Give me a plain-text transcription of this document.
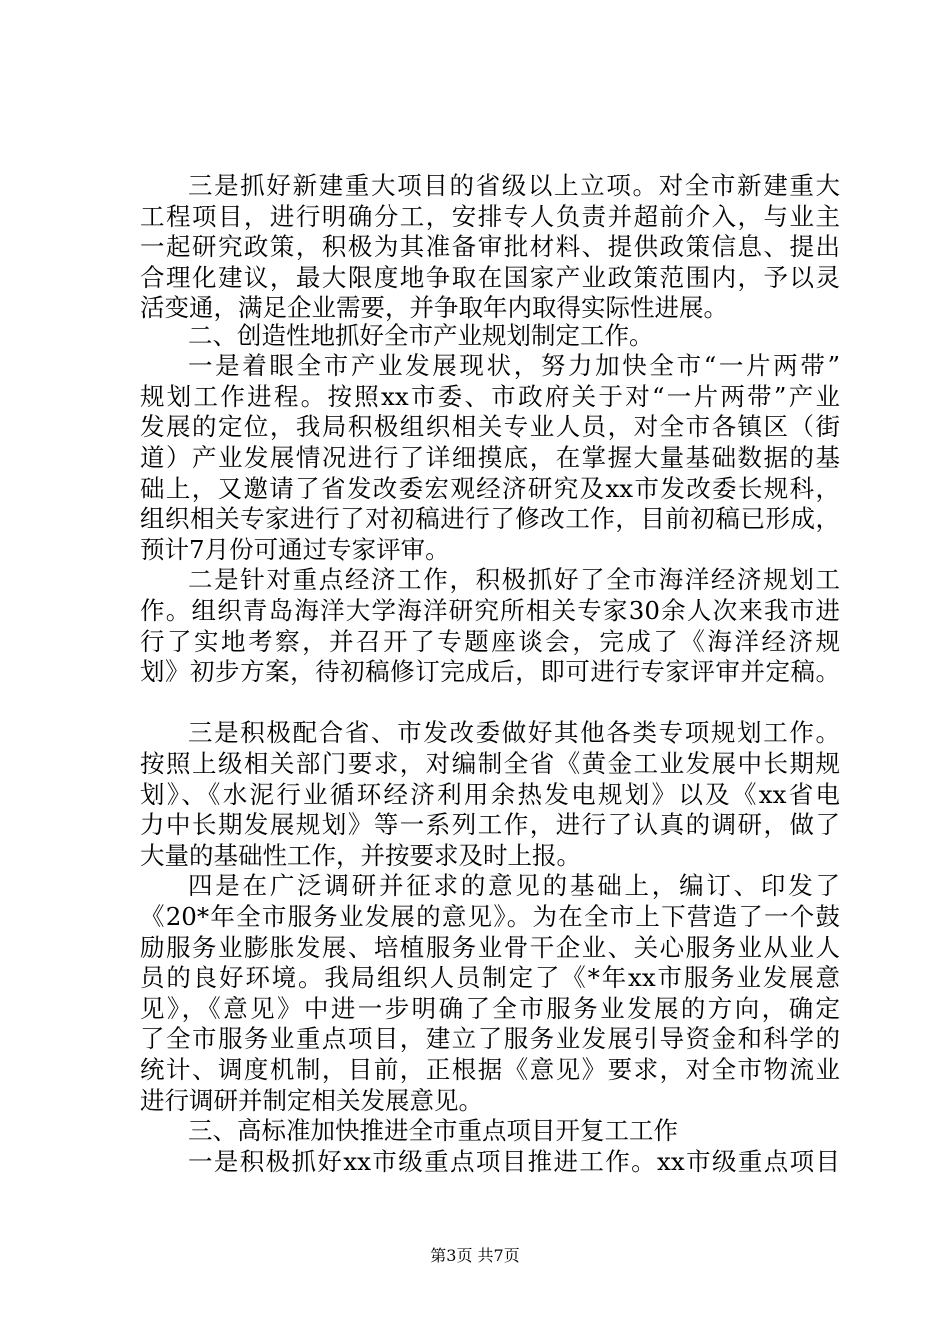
三是抓好新建重大项目的省级以上立项。对全市新建重大
工程项目，进行明确分工，安排专人负责并超前介入，与业主
一起研究政策，积极为其准备审批材料、提供政策信息、提出
合理化建议，最大限度地争取在国家产业政策范围内，予以灵
活变通，满足企业需要，并争取年内取得实际性进展。
二、创造性地抓好全市产业规划制定工作。
一是着眼全市产业发展现状，努力加快全市“一片两带”
规划工作进程。按照xx市委、市政府关于对“一片两带”产业
发展的定位，我局积极组织相关专业人员，对全市各镇区（街
道）产业发展情况进行了详细摸底，在掌握大量基础数据的基
础上，又邀请了省发改委宏观经济研究及xx市发改委长规科，
组织相关专家进行了对初稿进行了修改工作，目前初稿已形成，
预计7月份可通过专家评审。
二是针对重点经济工作，积极抓好了全市海洋经济规划工
作。组织青岛海洋大学海洋研究所相关专家30余人次来我市进
行了实地考察，并召开了专题座谈会，完成了《海洋经济规
划》初步方案，待初稿修订完成后，即可进行专家评审并定稿。
三是积极配合省、市发改委做好其他各类专项规划工作。
按照上级相关部门要求，对编制全省《黄金工业发展中长期规
划》、《水泥行业循环经济利用余热发电规划》以及《xx省电
力中长期发展规划》等一系列工作，进行了认真的调研，做了
大量的基础性工作，并按要求及时上报。
四是在广泛调研并征求的意见的基础上，编订、印发了
《20*年全市服务业发展的意见》。为在全市上下营造了一个鼓
励服务业膨胀发展、培植服务业骨干企业、关心服务业从业人
员的良好环境。我局组织人员制定了《*年xx市服务业发展意
见》，《意见》中进一步明确了全市服务业发展的方向，确定
了全市服务业重点项目，建立了服务业发展引导资金和科学的
统计、调度机制，目前，正根据《意见》要求，对全市物流业
进行调研并制定相关发展意见。
三、高标准加快推进全市重点项目开复工工作
一是积极抓好xx市级重点项目推进工作。xx市级重点项目
第3页 共7页
